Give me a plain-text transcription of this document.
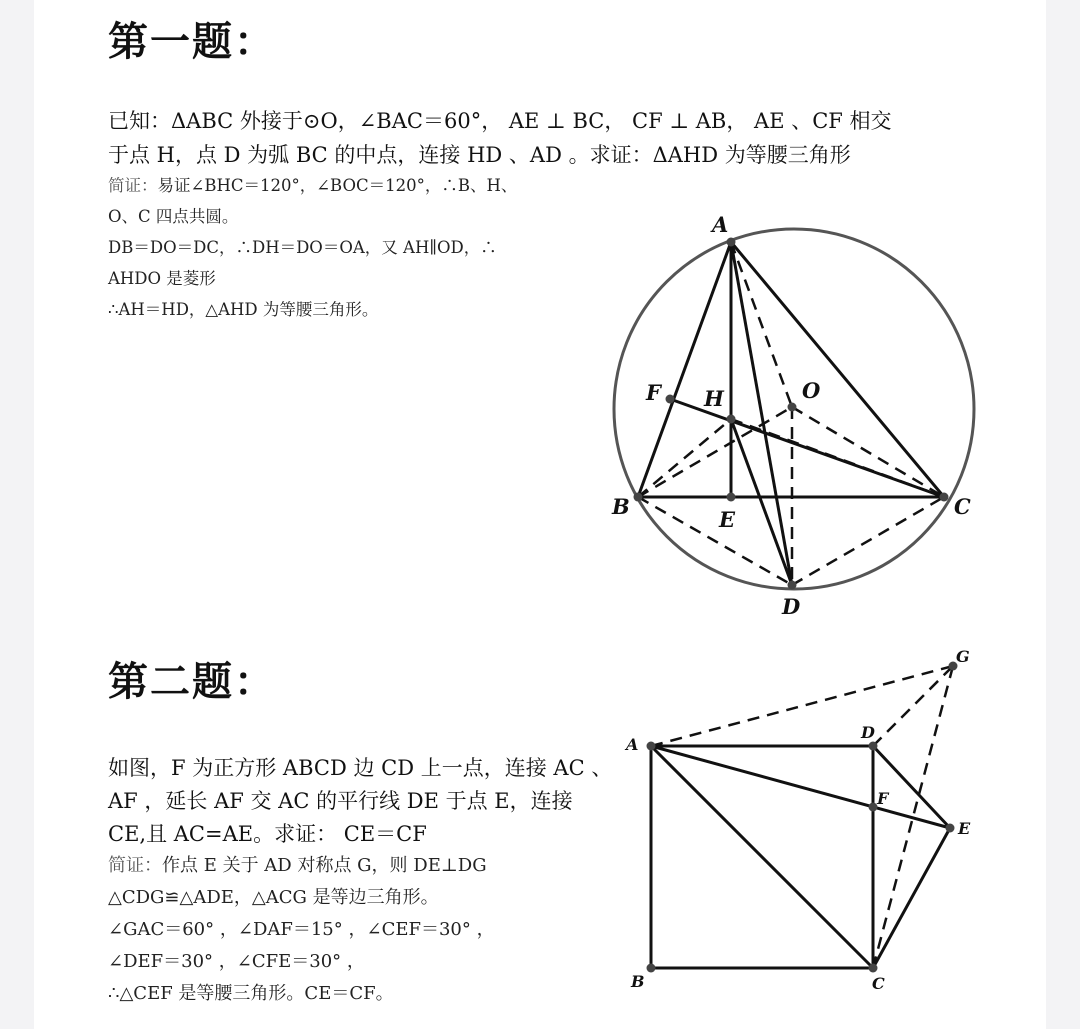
第一题：
已知：ΔABC 外接于⊙O，∠BAC＝60°， AE ⊥ BC， CF ⊥ AB， AE 、CF 相交
于点 H，点 D 为弧 BC 的中点，连接 HD 、AD 。求证：ΔAHD 为等腰三角形
简证：易证∠BHC＝120°，∠BOC＝120°，∴B、H、
O、C 四点共圆。
DB＝DO＝DC，∴DH＝DO＝OA，又 AH∥OD，∴
AHDO 是菱形
∴AH＝HD，△AHD 为等腰三角形。
A
B	C
E
F H	O
D
第二题：
如图，F 为正方形 ABCD 边 CD 上一点，连接 AC 、
AF ，延长 AF 交 AC 的平行线 DE 于点 E，连接
CE,且 AC=AE。求证： CE＝CF
简证：作点 E 关于 AD 对称点 G，则 DE⊥DG
△CDG≌△ADE，△ACG 是等边三角形。
∠GAC＝60° ，∠DAF＝15° ，∠CEF＝30° ，
∠DEF＝30° ，∠CFE＝30° ，
∴△CEF 是等腰三角形。CE＝CF。
A
B	C
D
E
F
G
